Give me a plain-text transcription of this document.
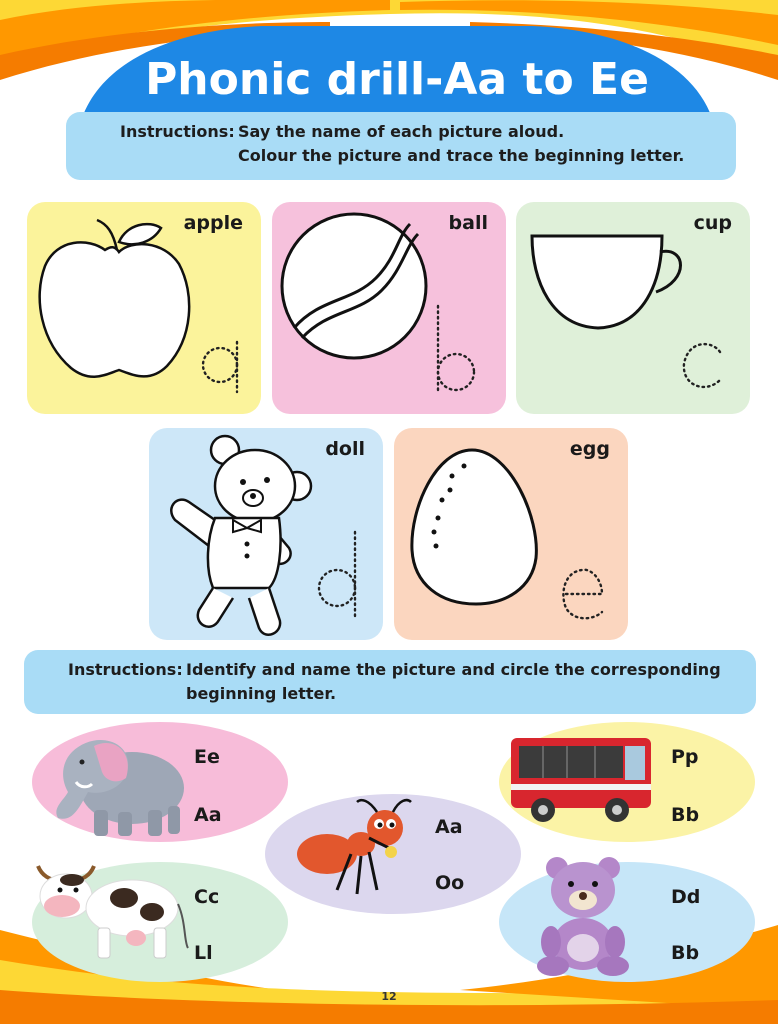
Phonic drill-Aa to Ee
Instructions: Say the name of each picture aloud.
Colour the picture and trace the beginning letter.
apple	ball	cup
doll	egg
Instructions: Identify and name the picture and circle the corresponding
beginning letter.
Ee
Aa
Aa
Oo
Pp
Bb
Cc
Ll
Dd
Bb
12
